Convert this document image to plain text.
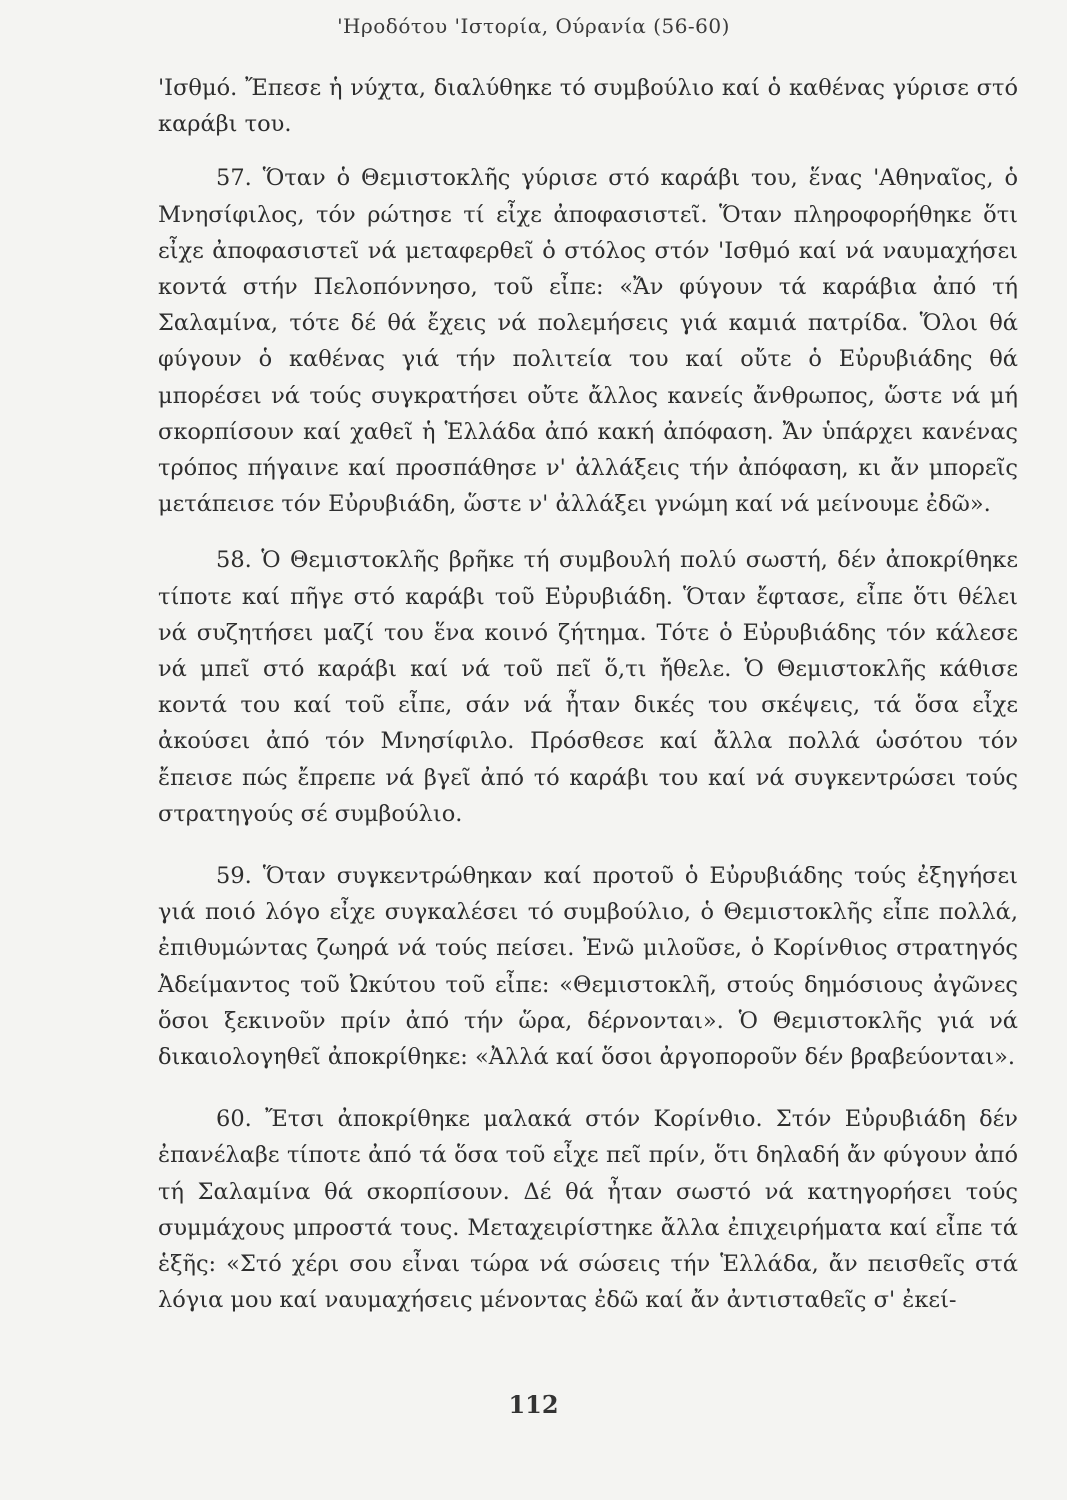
'Ηροδότου 'Ιστορία, Ούρανία (56-60)

'Ισθμό. Ἔπεσε ἡ νύχτα, διαλύθηκε τό συμβούλιο καί ὁ καθένας γύρισε στό καράβι του.

57. Ὅταν ὁ Θεμιστοκλῆς γύρισε στό καράβι του, ἕνας 'Αθηναῖος, ὁ Μνησίφιλος, τόν ρώτησε τί εἶχε ἀποφασιστεῖ. Ὅταν πληροφορήθηκε ὅτι εἶχε ἀποφασιστεῖ νά μεταφερθεῖ ὁ στόλος στόν 'Ισθμό καί νά ναυμαχήσει κοντά στήν Πελοπόννησο, τοῦ εἶπε: «Ἄν φύγουν τά καράβια ἀπό τή Σαλαμίνα, τότε δέ θά ἔχεις νά πολεμήσεις γιά καμιά πατρίδα. Ὅλοι θά φύγουν ὁ καθένας γιά τήν πολιτεία του καί οὔτε ὁ Εὐρυβιάδης θά μπορέσει νά τούς συγκρατήσει οὔτε ἄλλος κανείς ἄνθρωπος, ὥστε νά μή σκορπίσουν καί χαθεῖ ἡ Ἑλλάδα ἀπό κακή ἀπόφαση. Ἄν ὑπάρχει κανένας τρόπος πήγαινε καί προσπάθησε ν' ἀλλάξεις τήν ἀπόφαση, κι ἄν μπορεῖς μετάπεισε τόν Εὐρυβιάδη, ὥστε ν' ἀλλάξει γνώμη καί νά μείνουμε ἐδῶ».

58. Ὁ Θεμιστοκλῆς βρῆκε τή συμβουλή πολύ σωστή, δέν ἀποκρίθηκε τίποτε καί πῆγε στό καράβι τοῦ Εὐρυβιάδη. Ὅταν ἔφτασε, εἶπε ὅτι θέλει νά συζητήσει μαζί του ἕνα κοινό ζήτημα. Τότε ὁ Εὐρυβιάδης τόν κάλεσε νά μπεῖ στό καράβι καί νά τοῦ πεῖ ὅ,τι ἤθελε. Ὁ Θεμιστοκλῆς κάθισε κοντά του καί τοῦ εἶπε, σάν νά ἦταν δικές του σκέψεις, τά ὅσα εἶχε ἀκούσει ἀπό τόν Μνησίφιλο. Πρόσθεσε καί ἄλλα πολλά ὡσότου τόν ἔπεισε πώς ἔπρεπε νά βγεῖ ἀπό τό καράβι του καί νά συγκεντρώσει τούς στρατηγούς σέ συμβούλιο.

59. Ὅταν συγκεντρώθηκαν καί προτοῦ ὁ Εὐρυβιάδης τούς ἐξηγήσει γιά ποιό λόγο εἶχε συγκαλέσει τό συμβούλιο, ὁ Θεμιστοκλῆς εἶπε πολλά, ἐπιθυμώντας ζωηρά νά τούς πείσει. Ἐνῶ μιλοῦσε, ὁ Κορίνθιος στρατηγός Ἀδείμαντος τοῦ Ὠκύτου τοῦ εἶπε: «Θεμιστοκλῆ, στούς δημόσιους ἀγῶνες ὅσοι ξεκινοῦν πρίν ἀπό τήν ὥρα, δέρνονται». Ὁ Θεμιστοκλῆς γιά νά δικαιολογηθεῖ ἀποκρίθηκε: «Ἀλλά καί ὅσοι ἀργοποροῦν δέν βραβεύονται».

60. Ἔτσι ἀποκρίθηκε μαλακά στόν Κορίνθιο. Στόν Εὐρυβιάδη δέν ἐπανέλαβε τίποτε ἀπό τά ὅσα τοῦ εἶχε πεῖ πρίν, ὅτι δηλαδή ἄν φύγουν ἀπό τή Σαλαμίνα θά σκορπίσουν. Δέ θά ἦταν σωστό νά κατηγορήσει τούς συμμάχους μπροστά τους. Μεταχειρίστηκε ἄλλα ἐπιχειρήματα καί εἶπε τά ἑξῆς: «Στό χέρι σου εἶναι τώρα νά σώσεις τήν Ἑλλάδα, ἄν πεισθεῖς στά λόγια μου καί ναυμαχήσεις μένοντας ἐδῶ καί ἄν ἀντισταθεῖς σ' ἐκεί-

112
